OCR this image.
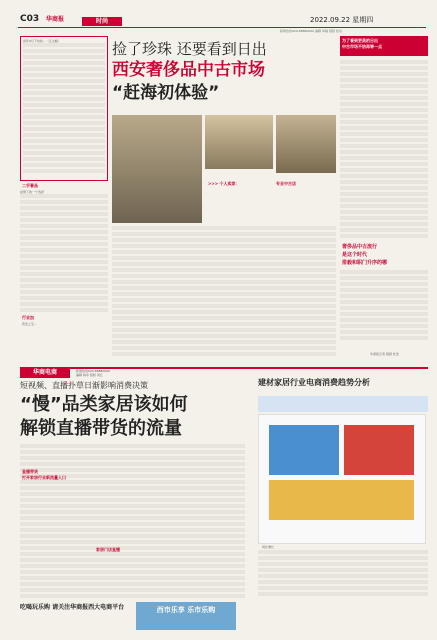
C03 华商报	时尚	2022.09.22 星期四
新闻热线029-88880000 编辑 审稿 组版 校对
首年9月下旬的…（正文略）
二手奢品
疫情下的一个选择
行业加
西安之宝…
捡了珍珠 还要看到日出
西安奢侈品中古市场
“赶海初体验”
>>> 个人卖家：	专业中古店
为了看到更美的日出
中古市场不妨再等一点
奢侈品中古流行
是这个时代
排毅和职门升序的哪
华商报记者 程颖 杜浩
华商电商	新闻热线029-88880000
编辑 杨华 组版 刘江
短视频、直播扑草日渐影响消费决策
“慢”品类家居该如何
解锁直播带货的流量
直播带货
打开家居行业新流量入口
家居门店直播
吃喝玩乐购 请关注华商报西大电商平台
建材家居行业电商消费趋势分析
同比增长
西市乐享 乐市乐购
